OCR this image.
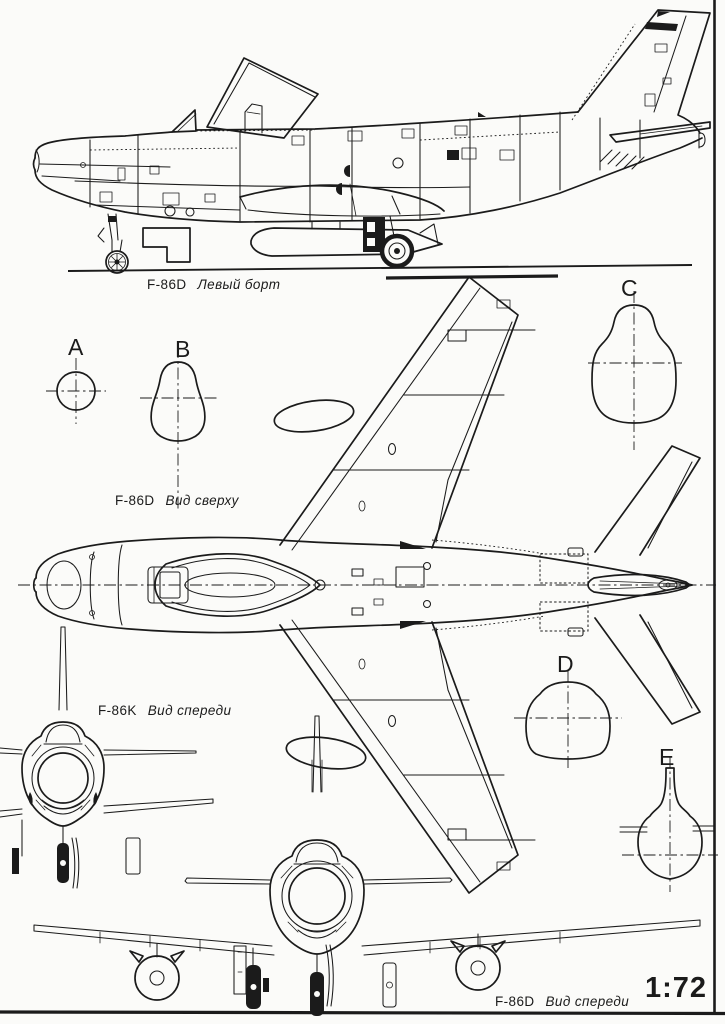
F-86D Левый борт
F-86D Вид сверху
F-86K Вид спереди
F-86D Вид спереди 1:72
A	B
C
D
E
